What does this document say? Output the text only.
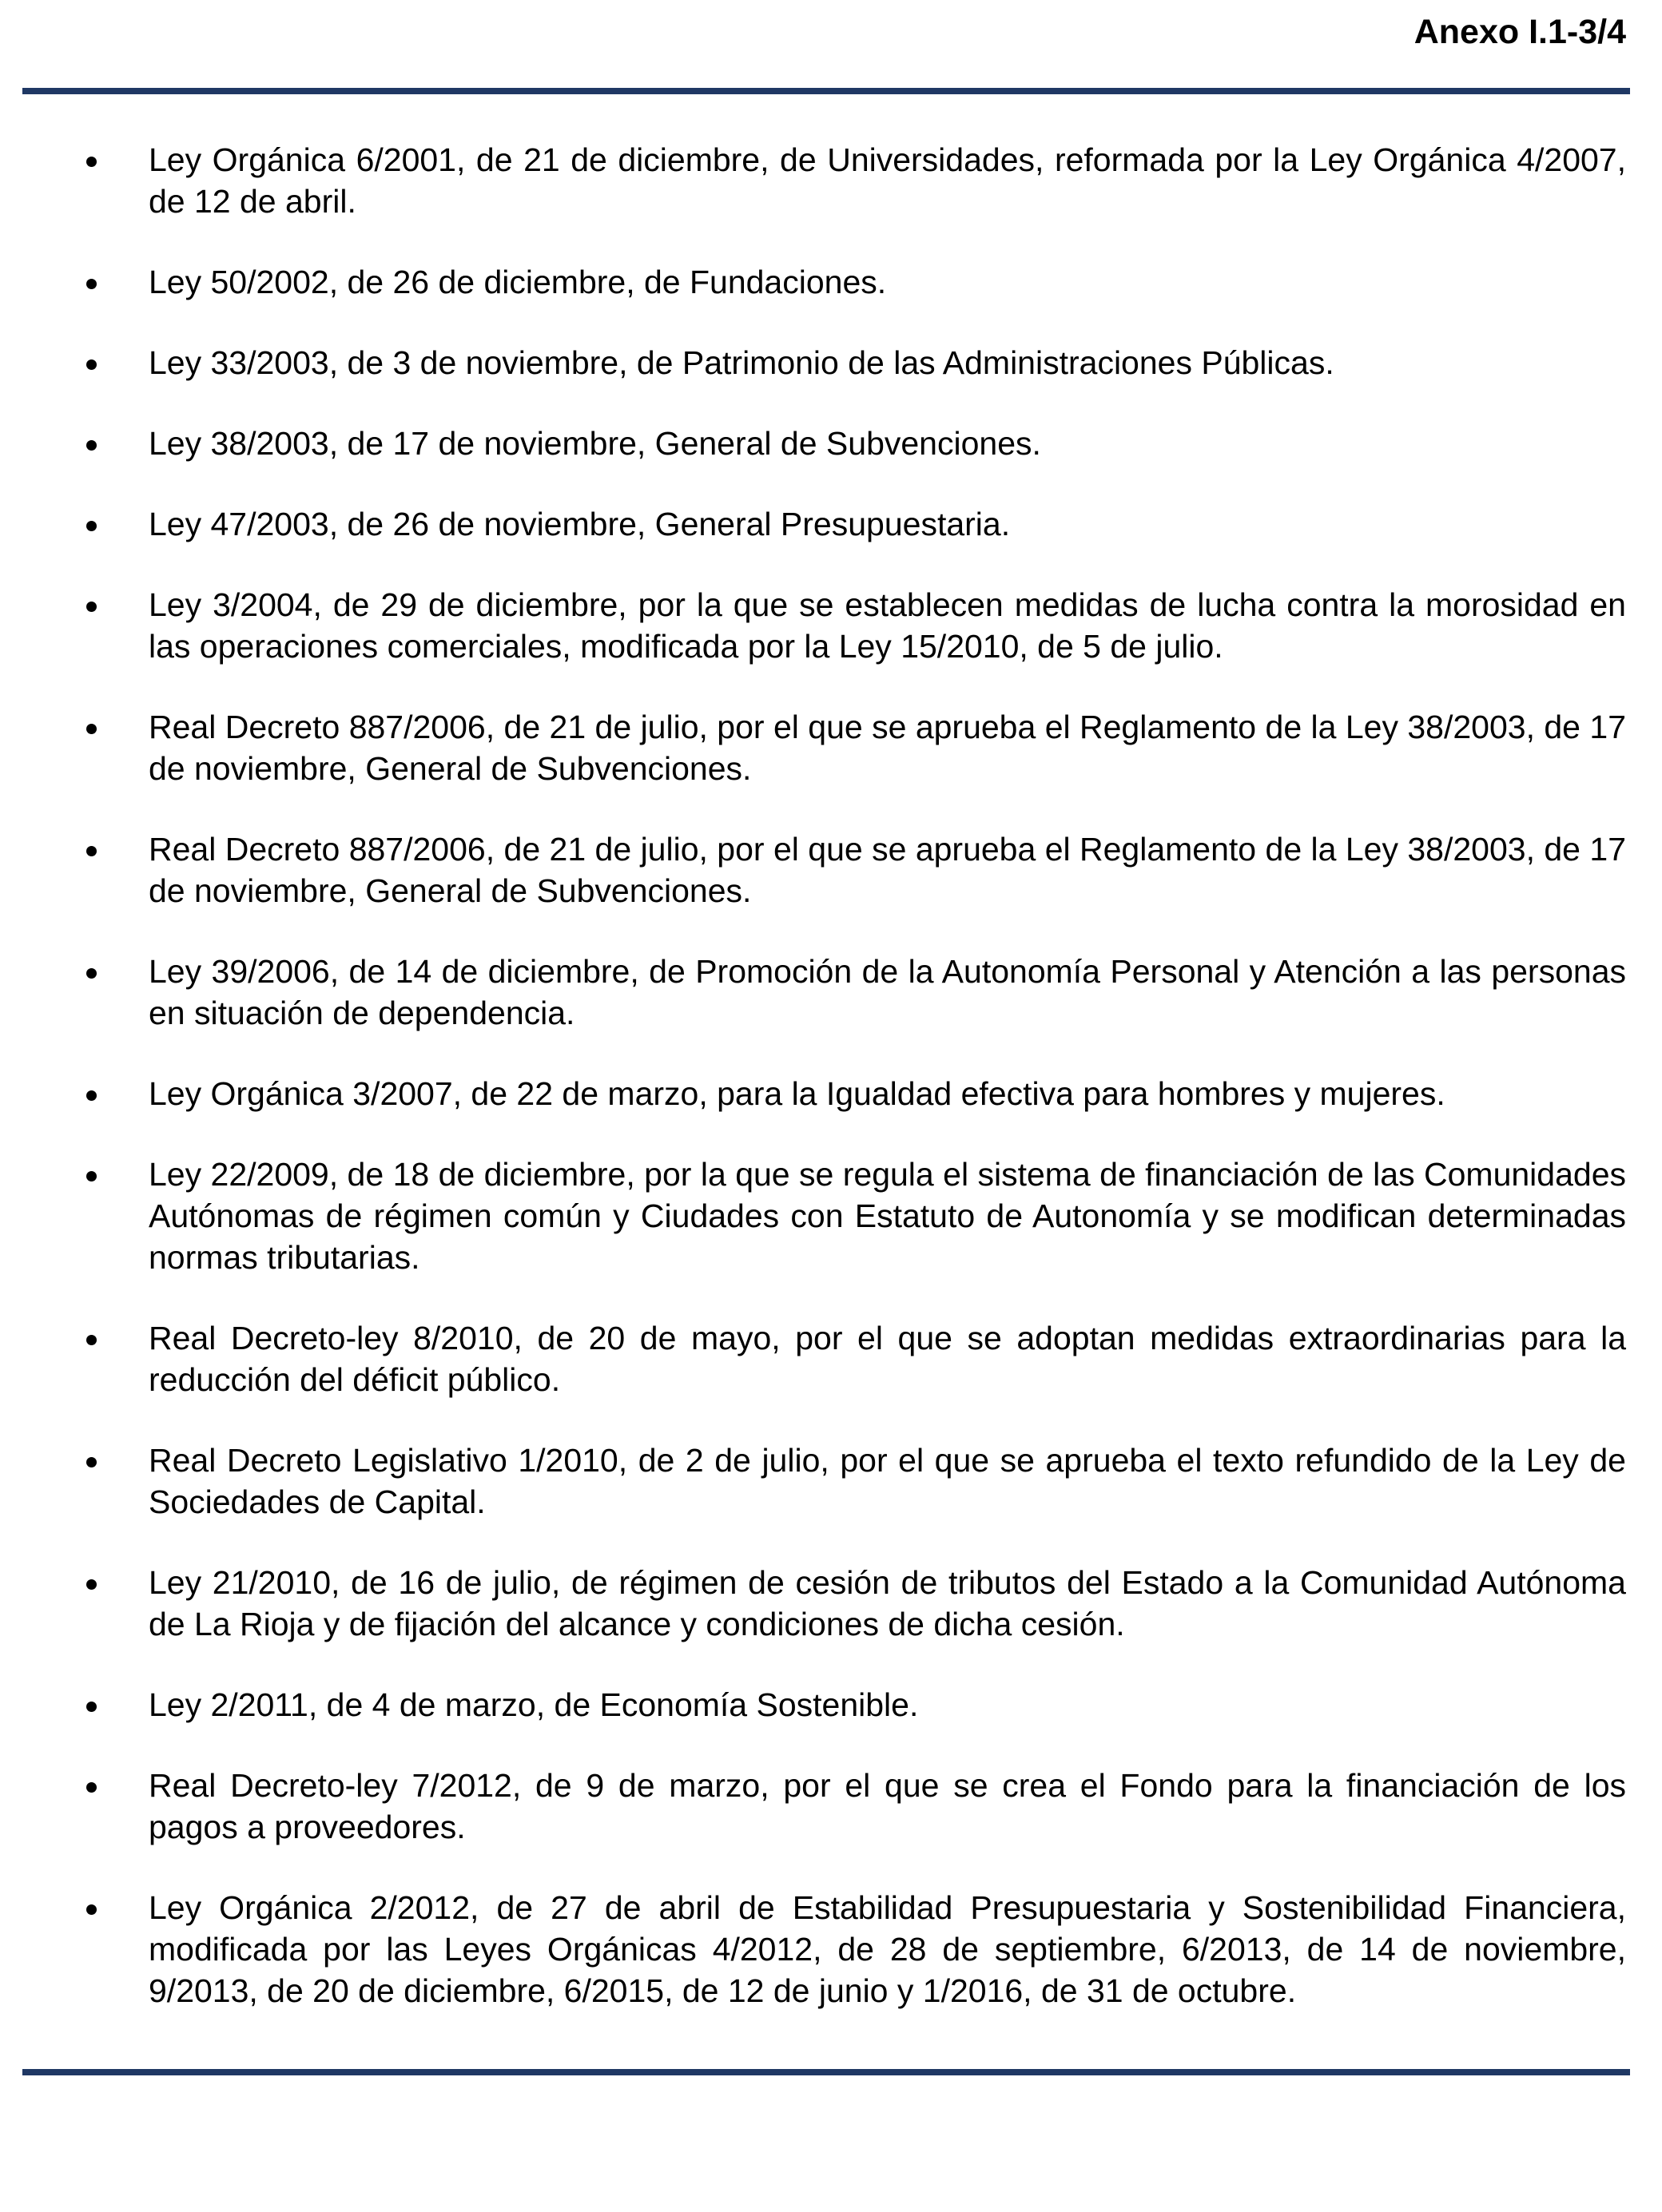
Anexo I.1-3/4
Ley Orgánica 6/2001, de 21 de diciembre, de Universidades, reformada por la Ley Orgánica 4/2007, de 12 de abril.
Ley 50/2002, de 26 de diciembre, de Fundaciones.
Ley 33/2003, de 3 de noviembre, de Patrimonio de las Administraciones Públicas.
Ley 38/2003, de 17 de noviembre, General de Subvenciones.
Ley 47/2003, de 26 de noviembre, General Presupuestaria.
Ley 3/2004, de 29 de diciembre, por la que se establecen medidas de lucha contra la morosidad en las operaciones comerciales, modificada por la Ley 15/2010, de 5 de julio.
Real Decreto 887/2006, de 21 de julio, por el que se aprueba el Reglamento de la Ley 38/2003, de 17 de noviembre, General de Subvenciones.
Real Decreto 887/2006, de 21 de julio, por el que se aprueba el Reglamento de la Ley 38/2003, de 17 de noviembre, General de Subvenciones.
Ley 39/2006, de 14 de diciembre, de Promoción de la Autonomía Personal y Atención a las personas en situación de dependencia.
Ley Orgánica 3/2007, de 22 de marzo, para la Igualdad efectiva para hombres y mujeres.
Ley 22/2009, de 18 de diciembre, por la que se regula el sistema de financiación de las Comunidades Autónomas de régimen común y Ciudades con Estatuto de Autonomía y se modifican determinadas normas tributarias.
Real Decreto-ley 8/2010, de 20 de mayo, por el que se adoptan medidas extraordinarias para la reducción del déficit público.
Real Decreto Legislativo 1/2010, de 2 de julio, por el que se aprueba el texto refundido de la Ley de Sociedades de Capital.
Ley 21/2010, de 16 de julio, de régimen de cesión de tributos del Estado a la Comunidad Autónoma de La Rioja y de fijación del alcance y condiciones de dicha cesión.
Ley 2/2011, de 4 de marzo, de Economía Sostenible.
Real Decreto-ley 7/2012, de 9 de marzo, por el que se crea el Fondo para la financiación de los pagos a proveedores.
Ley Orgánica 2/2012, de 27 de abril de Estabilidad Presupuestaria y Sostenibilidad Financiera, modificada por las Leyes Orgánicas 4/2012, de 28 de septiembre, 6/2013, de 14 de noviembre, 9/2013, de 20 de diciembre, 6/2015, de 12 de junio y 1/2016, de 31 de octubre.
